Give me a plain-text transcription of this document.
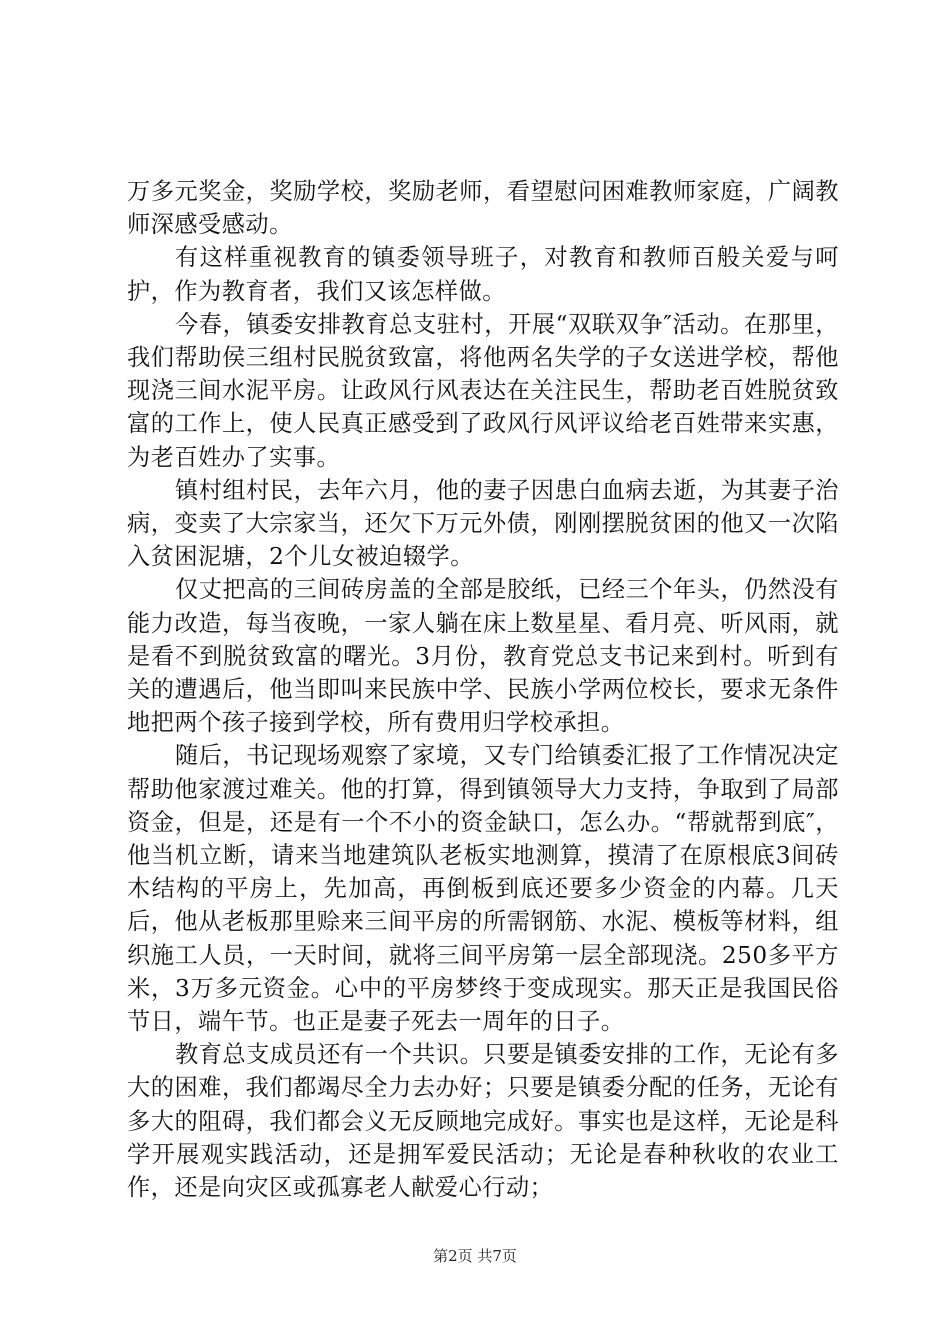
万多元奖金，奖励学校，奖励老师，看望慰问困难教师家庭，广阔教师深感受感动。

有这样重视教育的镇委领导班子，对教育和教师百般关爱与呵护，作为教育者，我们又该怎样做。

今春，镇委安排教育总支驻村，开展“双联双争″活动。在那里，我们帮助侯三组村民脱贫致富，将他两名失学的子女送进学校，帮他现浇三间水泥平房。让政风行风表达在关注民生，帮助老百姓脱贫致富的工作上，使人民真正感受到了政风行风评议给老百姓带来实惠，为老百姓办了实事。

镇村组村民，去年六月，他的妻子因患白血病去逝，为其妻子治病，变卖了大宗家当，还欠下万元外债，刚刚摆脱贫困的他又一次陷入贫困泥塘，2个儿女被迫辍学。

仅丈把高的三间砖房盖的全部是胶纸，已经三个年头，仍然没有能力改造，每当夜晚，一家人躺在床上数星星、看月亮、听风雨，就是看不到脱贫致富的曙光。3月份，教育党总支书记来到村。听到有关的遭遇后，他当即叫来民族中学、民族小学两位校长，要求无条件地把两个孩子接到学校，所有费用归学校承担。

随后，书记现场观察了家境，又专门给镇委汇报了工作情况决定帮助他家渡过难关。他的打算，得到镇领导大力支持，争取到了局部资金，但是，还是有一个不小的资金缺口，怎么办。“帮就帮到底″，他当机立断，请来当地建筑队老板实地测算，摸清了在原根底3间砖木结构的平房上，先加高，再倒板到底还要多少资金的内幕。几天后，他从老板那里赊来三间平房的所需钢筋、水泥、模板等材料，组织施工人员，一天时间，就将三间平房第一层全部现浇。250多平方米，3万多元资金。心中的平房梦终于变成现实。那天正是我国民俗节日，端午节。也正是妻子死去一周年的日子。

教育总支成员还有一个共识。只要是镇委安排的工作，无论有多大的困难，我们都竭尽全力去办好；只要是镇委分配的任务，无论有多大的阻碍，我们都会义无反顾地完成好。事实也是这样，无论是科学开展观实践活动，还是拥军爱民活动；无论是春种秋收的农业工作，还是向灾区或孤寡老人献爱心行动；

第2页 共7页
